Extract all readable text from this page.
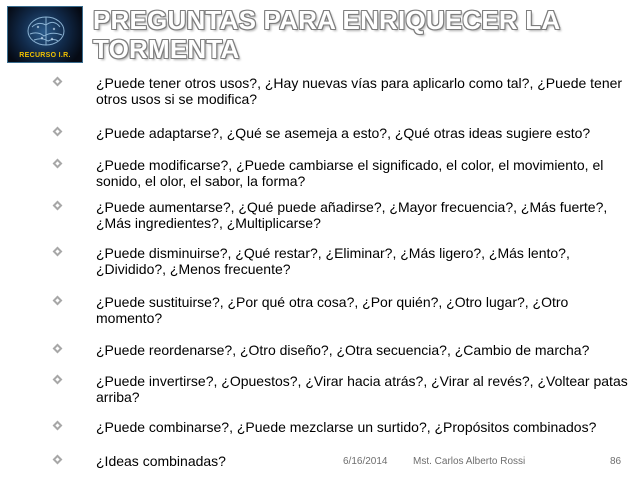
RECURSO I.R.
PREGUNTAS PARA ENRIQUECER LA TORMENTA
¿Puede tener otros usos?, ¿Hay nuevas vías para aplicarlo como tal?, ¿Puede tener otros usos si se modifica?
¿Puede adaptarse?, ¿Qué se asemeja a esto?, ¿Qué otras ideas sugiere esto?
¿Puede modificarse?, ¿Puede cambiarse el significado, el color, el movimiento, el sonido, el olor, el sabor, la forma?
¿Puede aumentarse?, ¿Qué puede añadirse?, ¿Mayor frecuencia?, ¿Más fuerte?, ¿Más ingredientes?, ¿Multiplicarse?
¿Puede disminuirse?, ¿Qué restar?, ¿Eliminar?, ¿Más ligero?, ¿Más lento?, ¿Dividido?, ¿Menos frecuente?
¿Puede sustituirse?, ¿Por qué otra cosa?, ¿Por quién?, ¿Otro lugar?, ¿Otro momento?
¿Puede reordenarse?, ¿Otro diseño?, ¿Otra secuencia?, ¿Cambio de marcha?
¿Puede invertirse?, ¿Opuestos?, ¿Virar hacia atrás?, ¿Virar al revés?, ¿Voltear patas arriba?
¿Puede combinarse?, ¿Puede mezclarse un surtido?, ¿Propósitos combinados?
¿Ideas combinadas?	6/16/2014	Mst. Carlos Alberto Rossi	86
